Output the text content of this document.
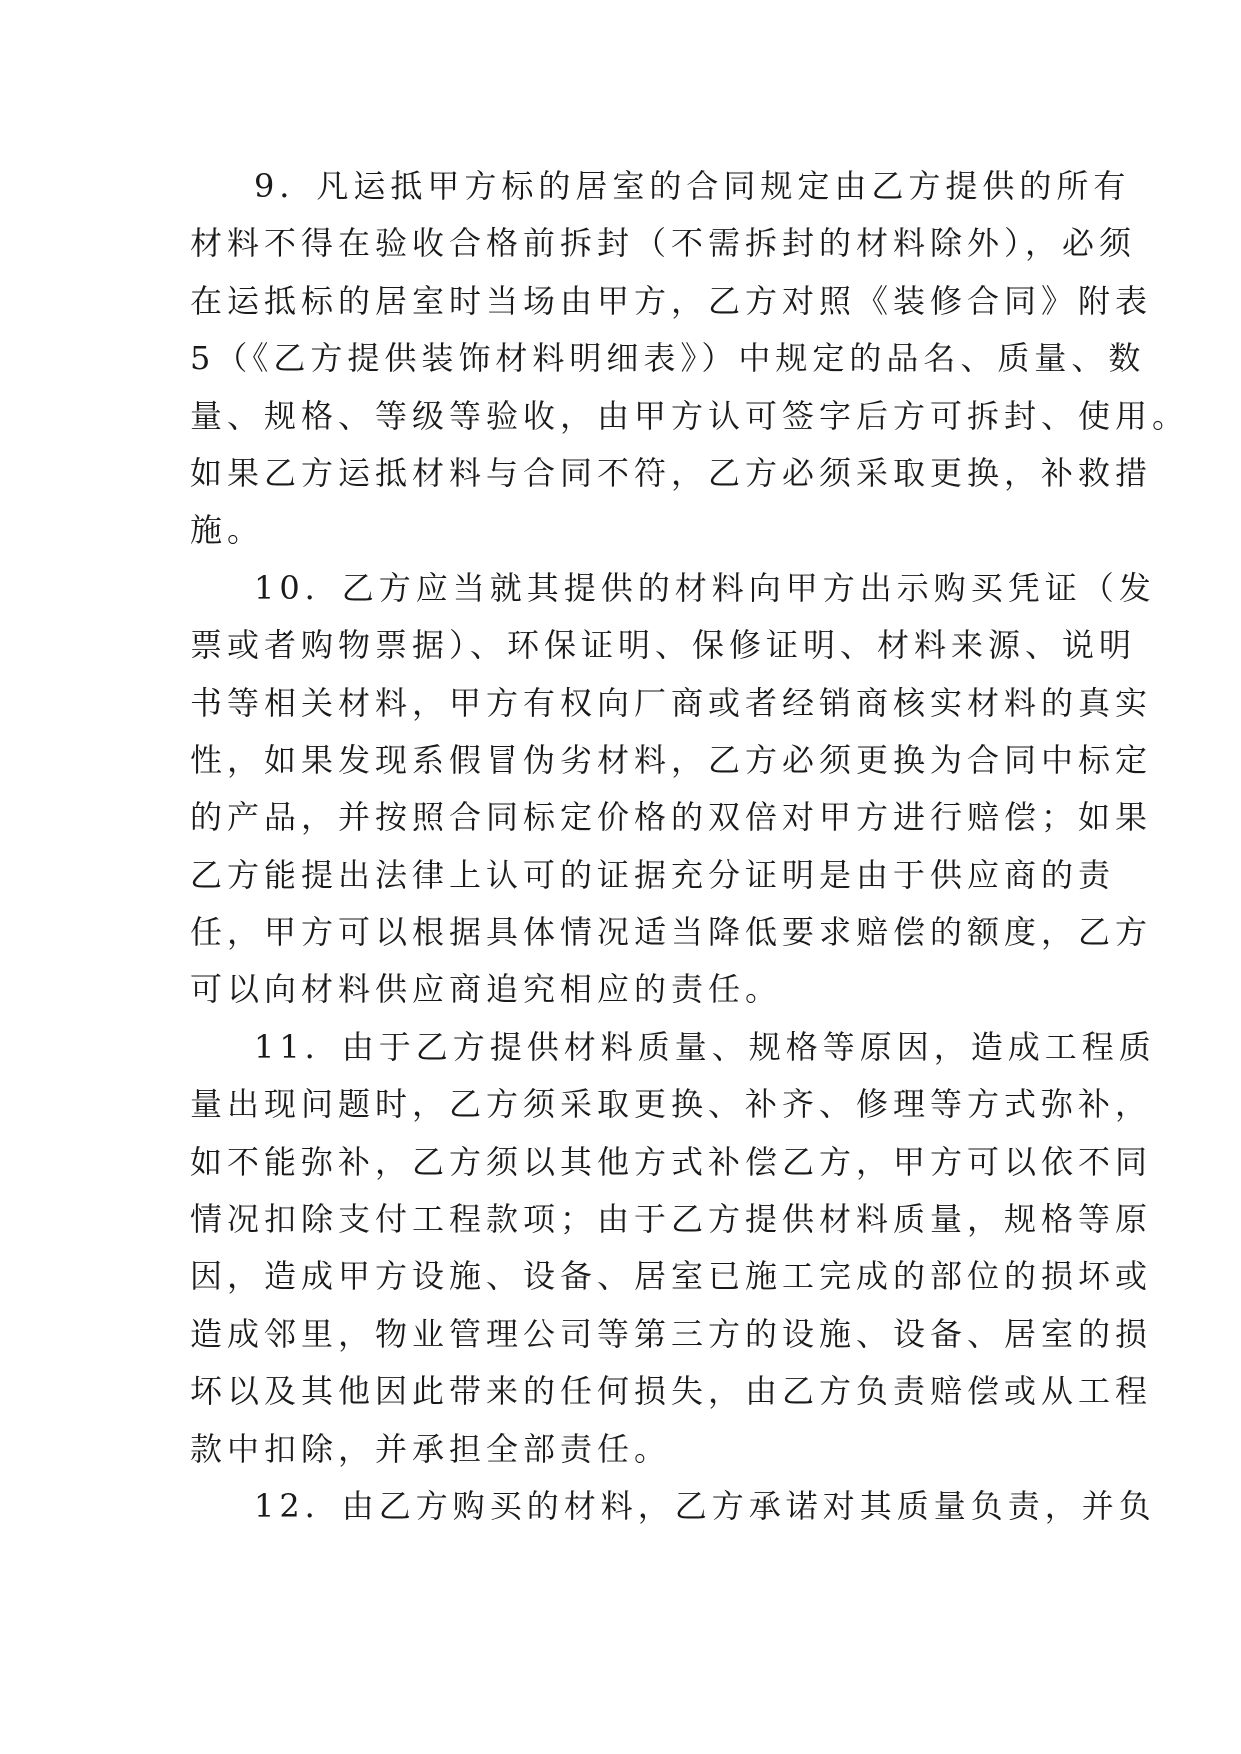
9．凡运抵甲方标的居室的合同规定由乙方提供的所有
材料不得在验收合格前拆封（不需拆封的材料除外），必须
在运抵标的居室时当场由甲方，乙方对照《装修合同》附表
5（《乙方提供装饰材料明细表》）中规定的品名、质量、数
量、规格、等级等验收，由甲方认可签字后方可拆封、使用。
如果乙方运抵材料与合同不符，乙方必须采取更换，补救措
施。
10．乙方应当就其提供的材料向甲方出示购买凭证（发
票或者购物票据）、环保证明、保修证明、材料来源、说明
书等相关材料，甲方有权向厂商或者经销商核实材料的真实
性，如果发现系假冒伪劣材料，乙方必须更换为合同中标定
的产品，并按照合同标定价格的双倍对甲方进行赔偿；如果
乙方能提出法律上认可的证据充分证明是由于供应商的责
任，甲方可以根据具体情况适当降低要求赔偿的额度，乙方
可以向材料供应商追究相应的责任。
11．由于乙方提供材料质量、规格等原因，造成工程质
量出现问题时，乙方须采取更换、补齐、修理等方式弥补，
如不能弥补，乙方须以其他方式补偿乙方，甲方可以依不同
情况扣除支付工程款项；由于乙方提供材料质量，规格等原
因，造成甲方设施、设备、居室已施工完成的部位的损坏或
造成邻里，物业管理公司等第三方的设施、设备、居室的损
坏以及其他因此带来的任何损失，由乙方负责赔偿或从工程
款中扣除，并承担全部责任。
12．由乙方购买的材料，乙方承诺对其质量负责，并负
